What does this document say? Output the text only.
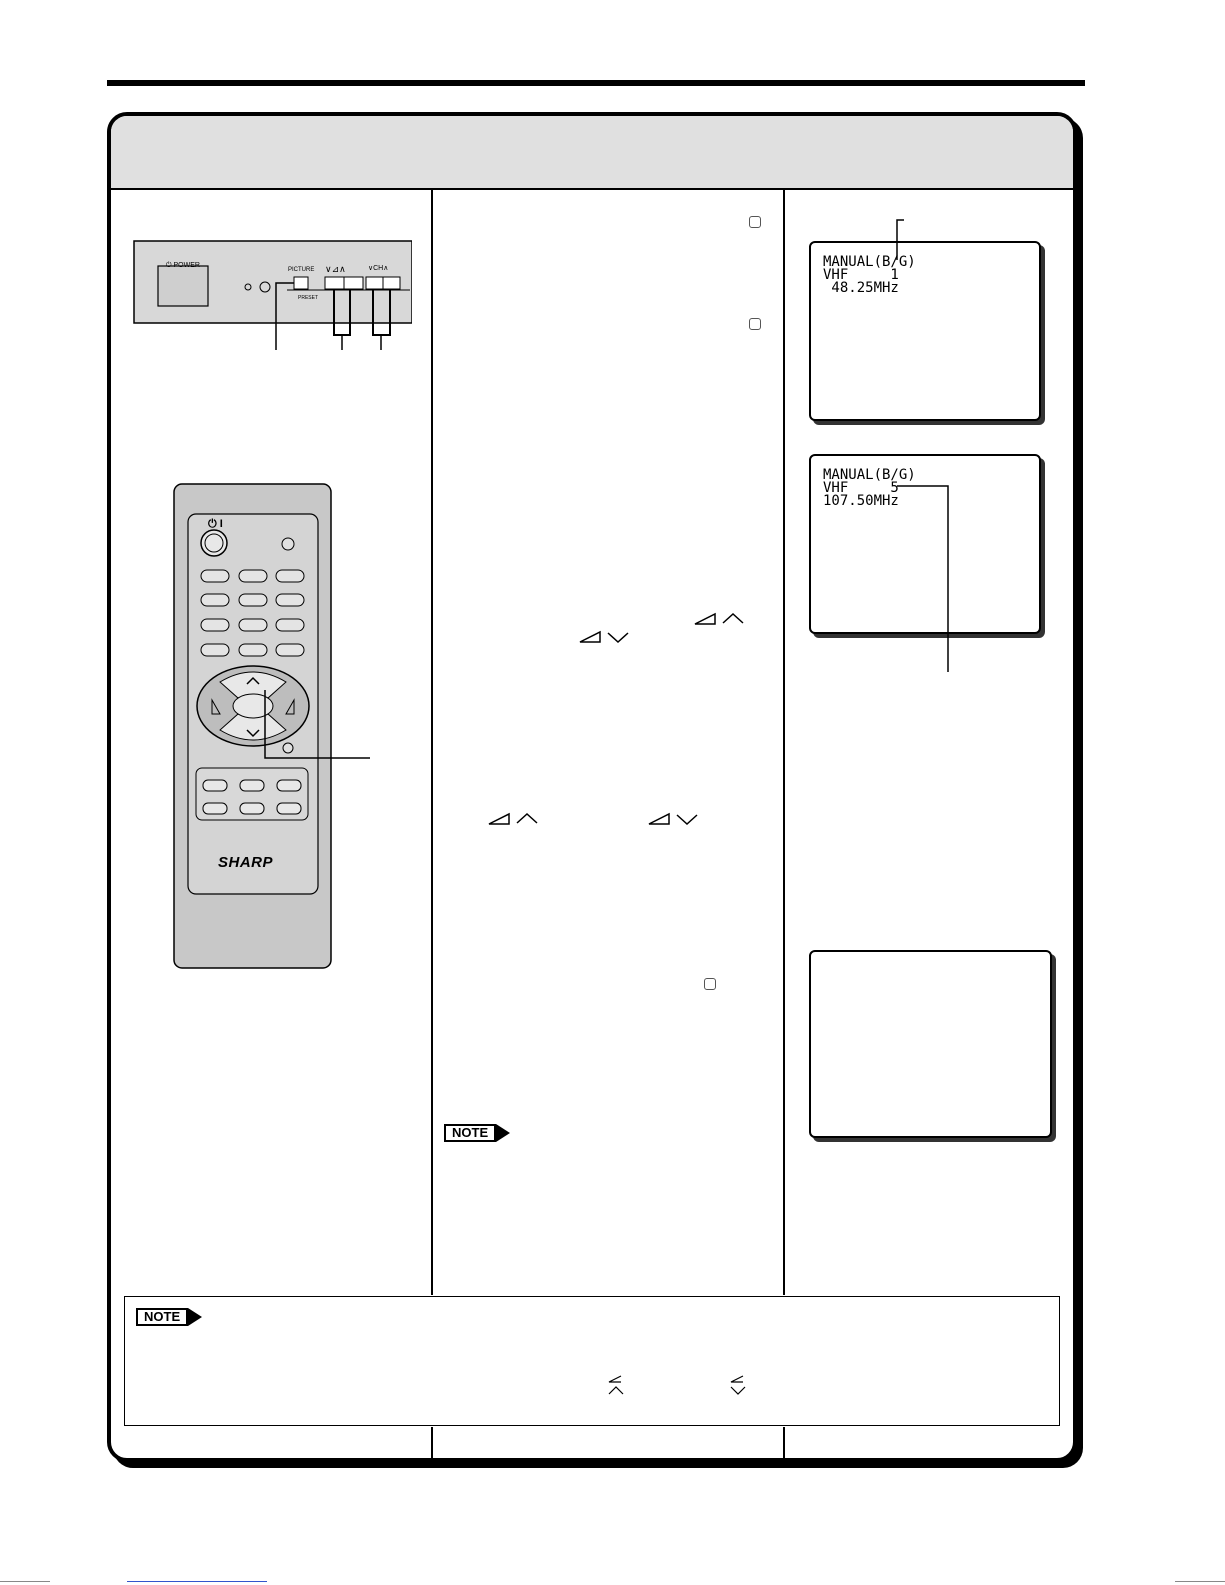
⏻ POWER
PICTURE ∨⊿∧	∨CH∧
PRESET
⏻ I
SHARP
NOTE
MANUAL(B/G)
VHF     1
48.25MHz
MANUAL(B/G)
VHF     5
107.50MHz
NOTE
